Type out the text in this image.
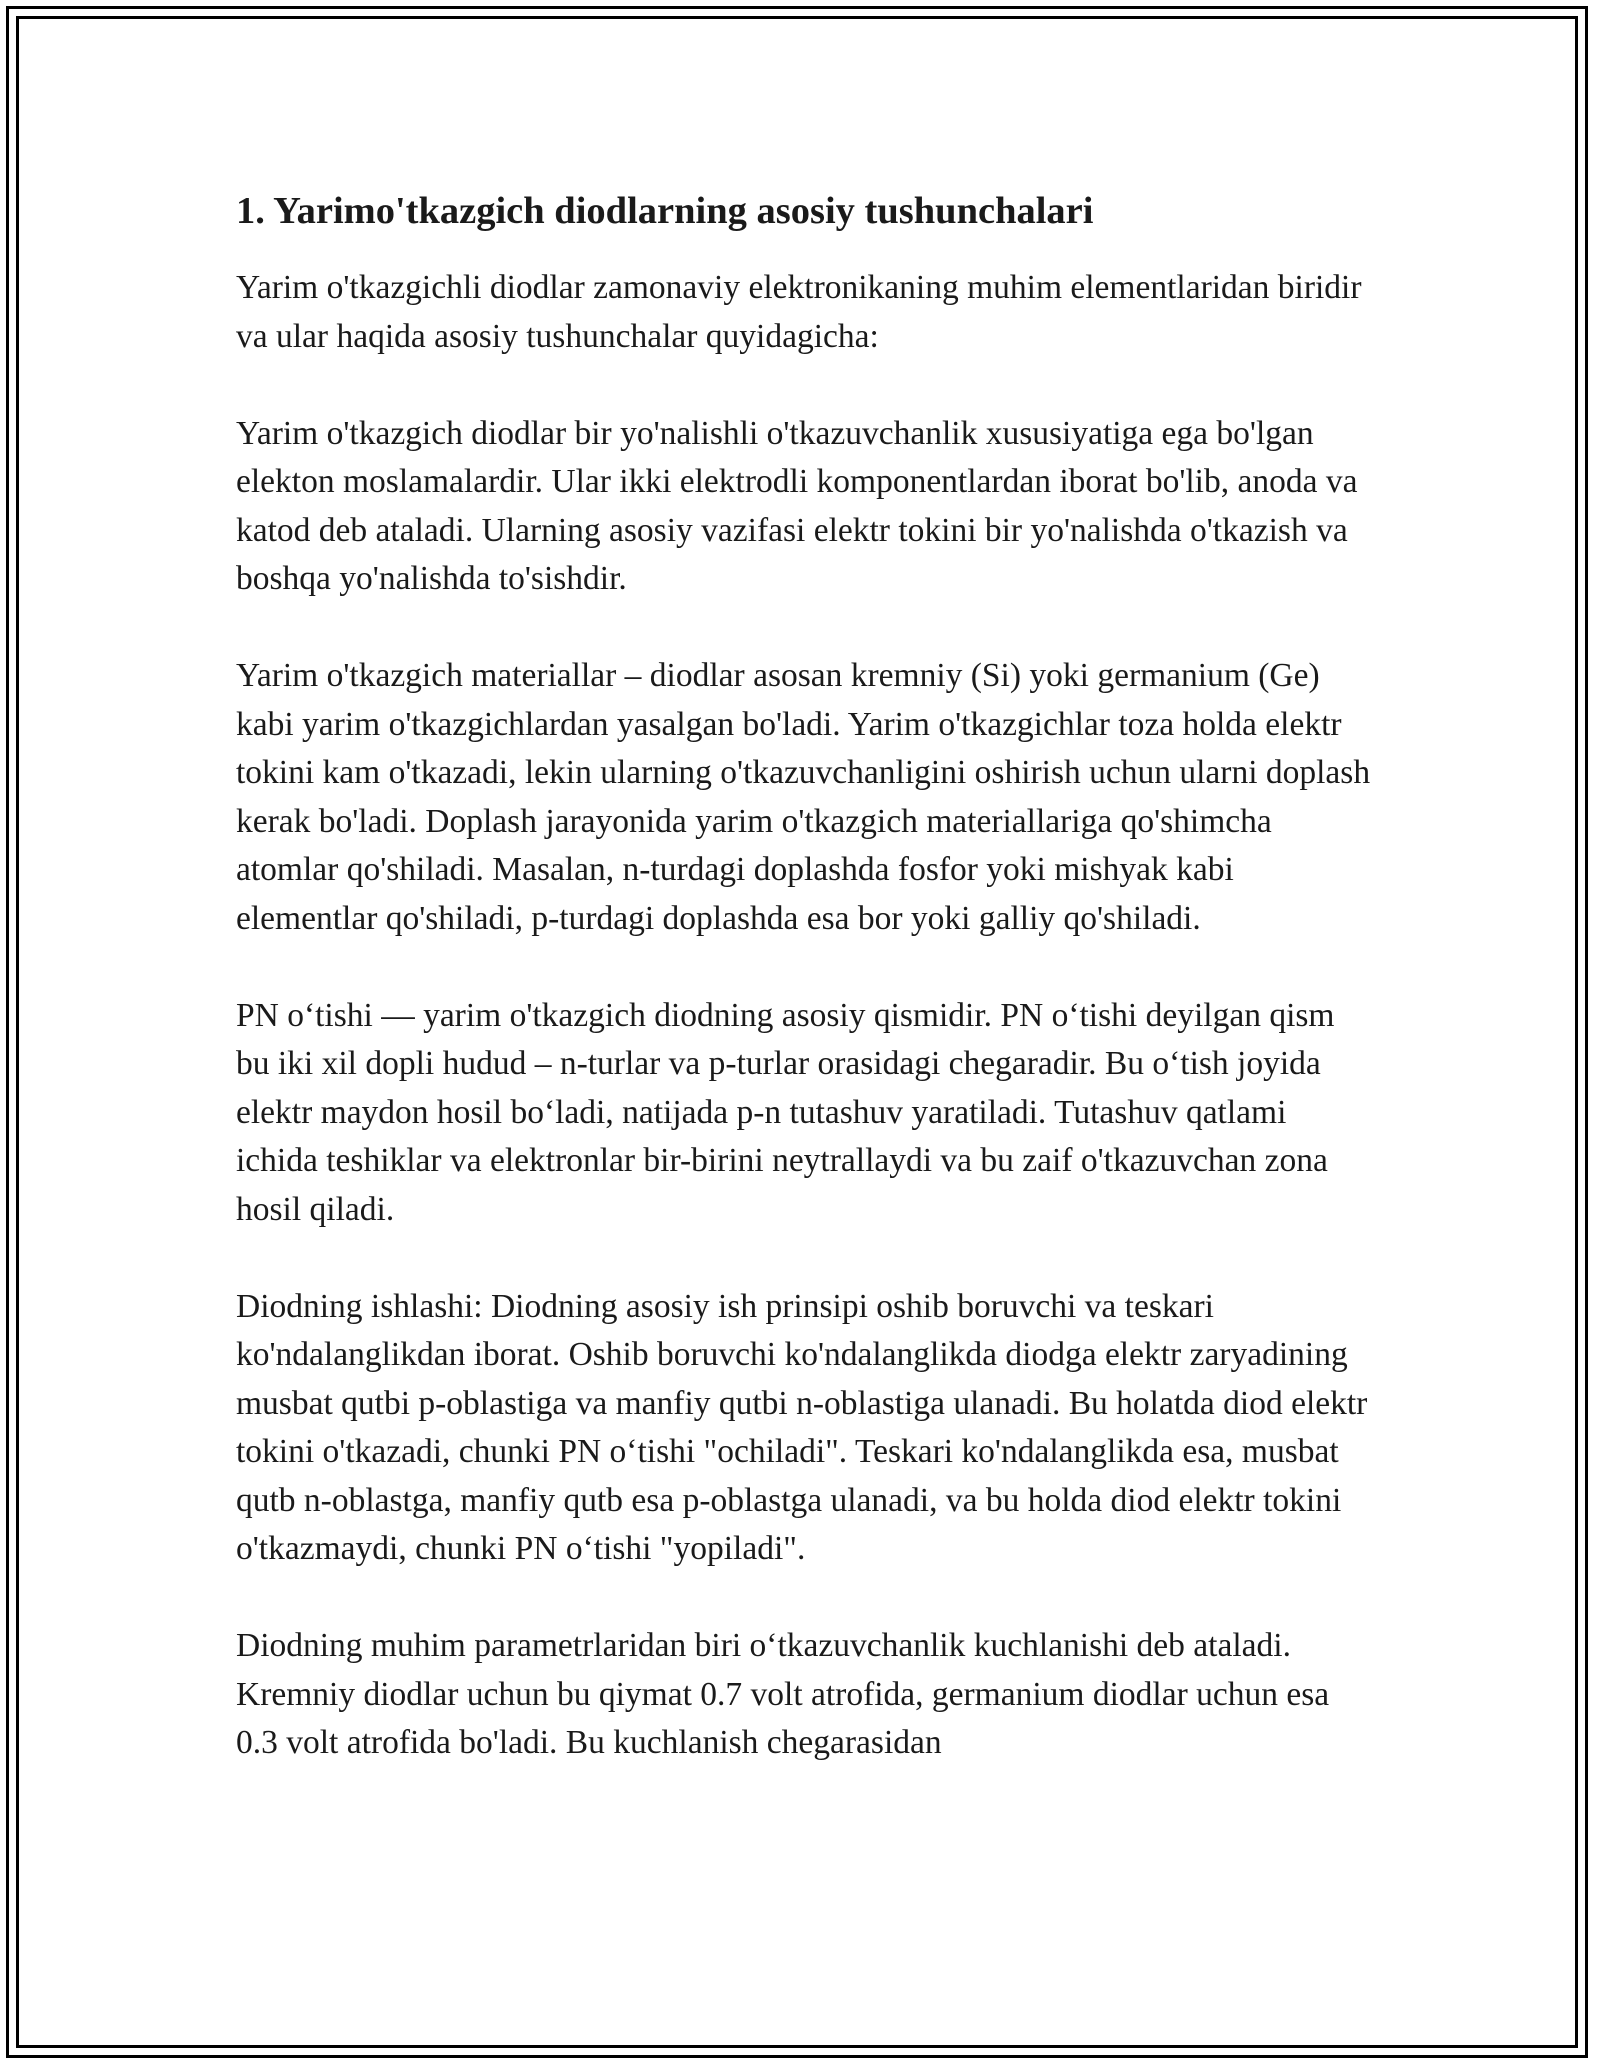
1. Yarimo'tkazgich diodlarning asosiy tushunchalari

Yarim o'tkazgichli diodlar zamonaviy elektronikaning muhim elementlaridan biridir va ular haqida asosiy tushunchalar quyidagicha:

Yarim o'tkazgich diodlar bir yo'nalishli o'tkazuvchanlik xususiyatiga ega bo'lgan elekton moslamalardir. Ular ikki elektrodli komponentlardan iborat bo'lib, anoda va katod deb ataladi. Ularning asosiy vazifasi elektr tokini bir yo'nalishda o'tkazish va boshqa yo'nalishda to'sishdir.

Yarim o'tkazgich materiallar – diodlar asosan kremniy (Si) yoki germanium (Ge) kabi yarim o'tkazgichlardan yasalgan bo'ladi. Yarim o'tkazgichlar toza holda elektr tokini kam o'tkazadi, lekin ularning o'tkazuvchanligini oshirish uchun ularni doplash kerak bo'ladi. Doplash jarayonida yarim o'tkazgich materiallariga qo'shimcha atomlar qo'shiladi. Masalan, n-turdagi doplashda fosfor yoki mishyak kabi elementlar qo'shiladi, p-turdagi doplashda esa bor yoki galliy qo'shiladi.

PN o‘tishi — yarim o'tkazgich diodning asosiy qismidir. PN o‘tishi deyilgan qism bu iki xil dopli hudud – n-turlar va p-turlar orasidagi chegaradir. Bu o‘tish joyida elektr maydon hosil bo‘ladi, natijada p-n tutashuv yaratiladi. Tutashuv qatlami ichida teshiklar va elektronlar bir-birini neytrallaydi va bu zaif o'tkazuvchan zona hosil qiladi.

Diodning ishlashi: Diodning asosiy ish prinsipi oshib boruvchi va teskari ko'ndalanglikdan iborat. Oshib boruvchi ko'ndalanglikda diodga elektr zaryadining musbat qutbi p-oblastiga va manfiy qutbi n-oblastiga ulanadi. Bu holatda diod elektr tokini o'tkazadi, chunki PN o‘tishi "ochiladi". Teskari ko'ndalanglikda esa, musbat qutb n-oblastga, manfiy qutb esa p-oblastga ulanadi, va bu holda diod elektr tokini o'tkazmaydi, chunki PN o‘tishi "yopiladi".

Diodning muhim parametrlaridan biri o‘tkazuvchanlik kuchlanishi deb ataladi. Kremniy diodlar uchun bu qiymat 0.7 volt atrofida, germanium diodlar uchun esa 0.3 volt atrofida bo'ladi. Bu kuchlanish chegarasidan
